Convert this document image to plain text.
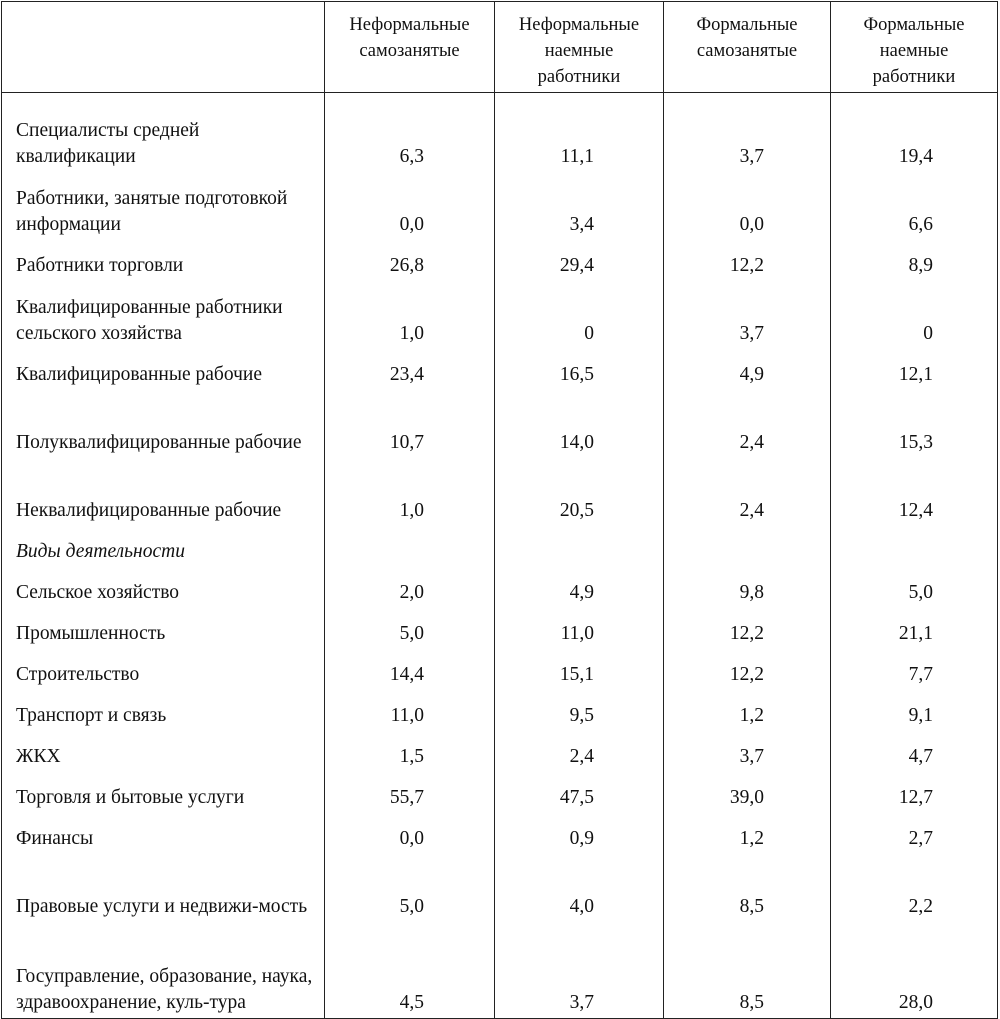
	Неформальные самозанятые	Неформальные наемные работники	Формальные самозанятые	Формальные наемные работники
Специалисты средней квалификации	6,3	11,1	3,7	19,4
Работники, занятые подготовкой информации	0,0	3,4	0,0	6,6
Работники торговли	26,8	29,4	12,2	8,9
Квалифицированные работники сельского хозяйства	1,0	0	3,7	0
Квалифицированные рабочие	23,4	16,5	4,9	12,1
Полуквалифицированные рабочие	10,7	14,0	2,4	15,3
Неквалифицированные рабочие	1,0	20,5	2,4	12,4
Виды деятельности				
Сельское хозяйство	2,0	4,9	9,8	5,0
Промышленность	5,0	11,0	12,2	21,1
Строительство	14,4	15,1	12,2	7,7
Транспорт и связь	11,0	9,5	1,2	9,1
ЖКХ	1,5	2,4	3,7	4,7
Торговля и бытовые услуги	55,7	47,5	39,0	12,7
Финансы	0,0	0,9	1,2	2,7
Правовые услуги и недвижи-мость	5,0	4,0	8,5	2,2
Госуправление, образование, наука, здравоохранение, куль-тура	4,5	3,7	8,5	28,0
